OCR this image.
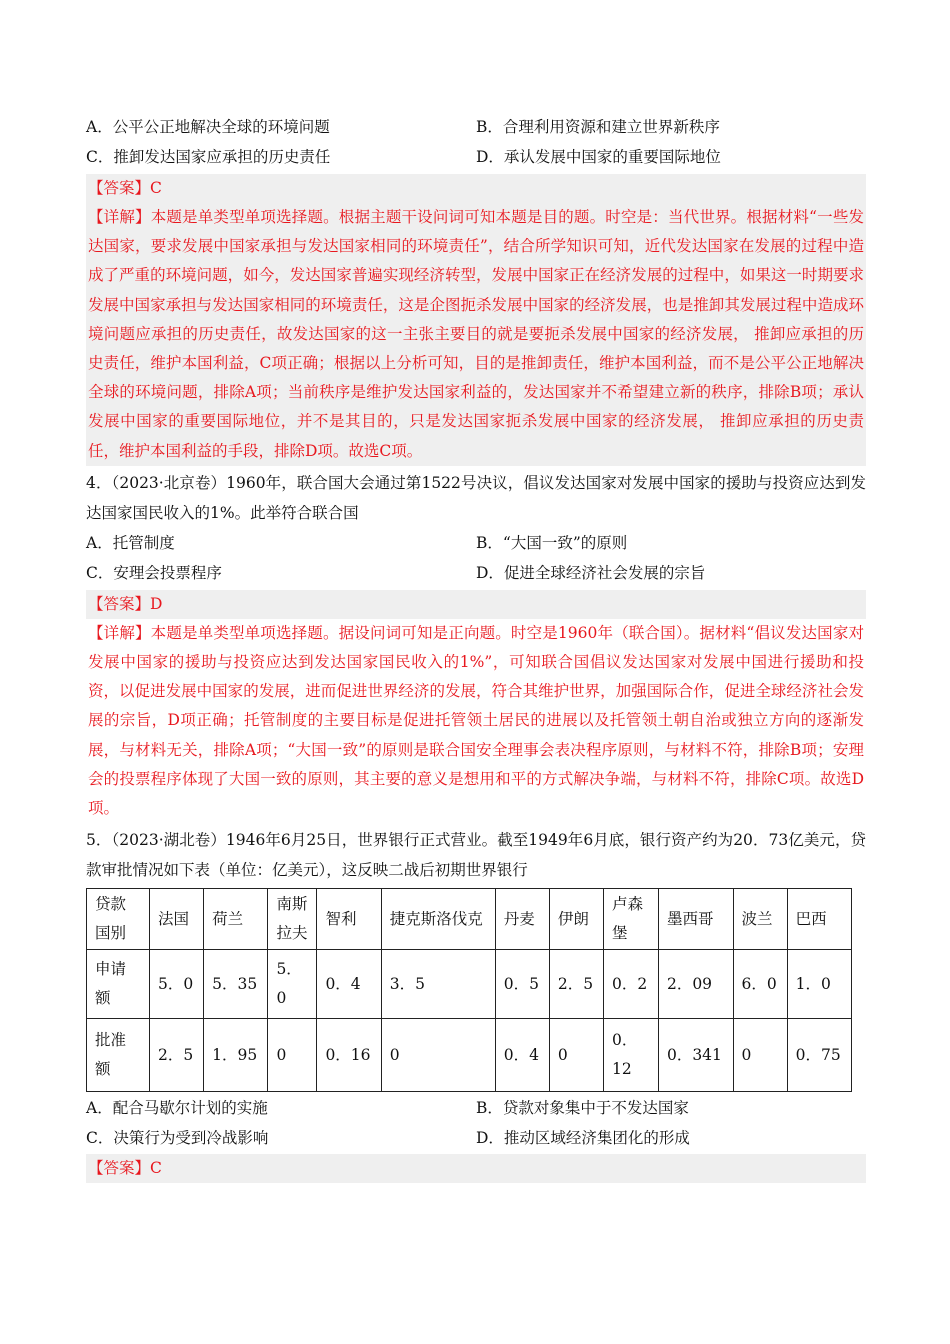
A．公平公正地解决全球的环境问题	B．合理利用资源和建立世界新秩序
C．推卸发达国家应承担的历史责任	D．承认发展中国家的重要国际地位
【答案】C
【详解】本题是单类型单项选择题。根据主题干设问词可知本题是目的题。时空是：当代世界。根据材料“一些发达国家，要求发展中国家承担与发达国家相同的环境责任”，结合所学知识可知，近代发达国家在发展的过程中造成了严重的环境问题，如今，发达国家普遍实现经济转型，发展中国家正在经济发展的过程中，如果这一时期要求发展中国家承担与发达国家相同的环境责任，这是企图扼杀发展中国家的经济发展，也是推卸其发展过程中造成环境问题应承担的历史责任，故发达国家的这一主张主要目的就是要扼杀发展中国家的经济发展， 推卸应承担的历史责任，维护本国利益，C项正确；根据以上分析可知，目的是推卸责任，维护本国利益，而不是公平公正地解决全球的环境问题，排除A项；当前秩序是维护发达国家利益的，发达国家并不希望建立新的秩序，排除B项；承认发展中国家的重要国际地位，并不是其目的，只是发达国家扼杀发展中国家的经济发展， 推卸应承担的历史责任，维护本国利益的手段，排除D项。故选C项。
4．（2023·北京卷）1960年，联合国大会通过第1522号决议，倡议发达国家对发展中国家的援助与投资应达到发达国家国民收入的1%。此举符合联合国
A．托管制度	B．“大国一致”的原则
C．安理会投票程序	D．促进全球经济社会发展的宗旨
【答案】D
【详解】本题是单类型单项选择题。据设问词可知是正向题。时空是1960年（联合国）。据材料“倡议发达国家对发展中国家的援助与投资应达到发达国家国民收入的1%”，可知联合国倡议发达国家对发展中国进行援助和投资，以促进发展中国家的发展，进而促进世界经济的发展，符合其维护世界，加强国际合作，促进全球经济社会发展的宗旨，D项正确；托管制度的主要目标是促进托管领土居民的进展以及托管领土朝自治或独立方向的逐渐发展，与材料无关，排除A项；“大国一致”的原则是联合国安全理事会表决程序原则，与材料不符，排除B项；安理会的投票程序体现了大国一致的原则，其主要的意义是想用和平的方式解决争端，与材料不符，排除C项。故选D项。
5．（2023·湖北卷）1946年6月25日，世界银行正式营业。截至1949年6月底，银行资产约为20．73亿美元，贷款审批情况如下表（单位：亿美元），这反映二战后初期世界银行
贷款国别	法国	荷兰	南斯拉夫	智利	捷克斯洛伐克	丹麦	伊朗	卢森堡	墨西哥	波兰	巴西
申请额	5．0	5．35	5．0	0．4	3．5	0．5	2．5	0．2	2．09	6．0	1．0
批准额	2．5	1．95	0	0．16	0	0．4	0	0．12	0．341	0	0．75
A．配合马歇尔计划的实施	B．贷款对象集中于不发达国家
C．决策行为受到冷战影响	D．推动区域经济集团化的形成
【答案】C
